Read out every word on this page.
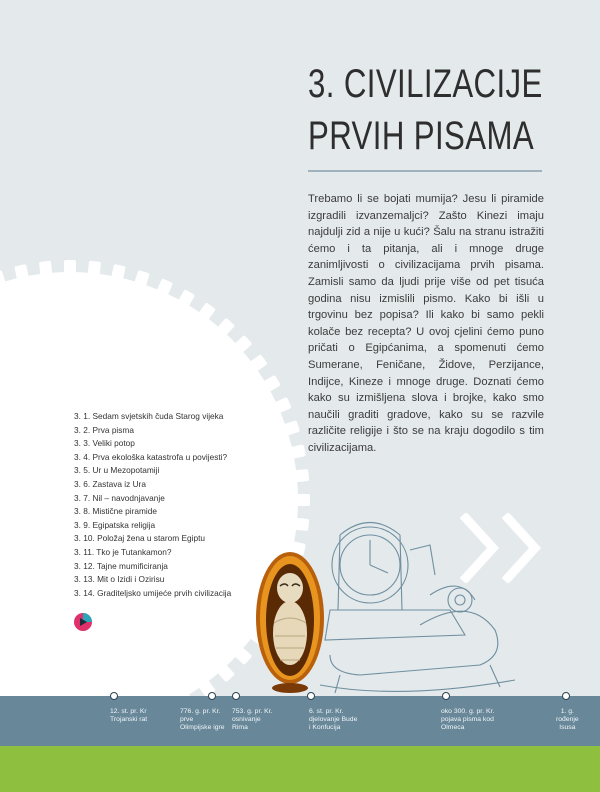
3. CIVILIZACIJE
PRVIH PISAMA
Trebamo li se bojati mumija? Jesu li piramide izgradili izvanzemaljci? Zašto Kinezi imaju najdulji zid a nije u kući? Šalu na stranu istražiti ćemo i ta pitanja, ali i mnoge druge zanimljivosti o civilizacijama prvih pisama. Zamisli samo da ljudi prije više od pet tisuća godina nisu izmislili pismo. Kako bi išli u trgovinu bez popisa? Ili kako bi samo pekli kolače bez recepta? U ovoj cjelini ćemo puno pričati o Egipćanima, a spomenuti ćemo Sumerane, Feničane, Židove, Perzijance, Indijce, Kineze i mnoge druge. Doznati ćemo kako su izmišljena slova i brojke, kako smo naučili graditi gradove, kako su se razvile različite religije i što se na kraju dogodilo s tim civilizacijama.
3. 1. Sedam svjetskih čuda Starog vijeka
3. 2. Prva pisma
3. 3. Veliki potop
3. 4. Prva ekološka katastrofa u povijesti?
3. 5. Ur u Mezopotamiji
3. 6. Zastava iz Ura
3. 7. Nil – navodnjavanje
3. 8. Mistične piramide
3. 9. Egipatska religija
3. 10. Položaj žena u starom Egiptu
3. 11. Tko je Tutankamon?
3. 12. Tajne mumificiranja
3. 13. Mit o Izidi i Ozirisu
3. 14. Graditeljsko umijeće prvih civilizacija
12. st. pr. Kr
Trojanski rat
776. g. pr. Kr.
prve
Olimpijske igre
753. g. pr. Kr.
osnivanje
Rima
6. st. pr. Kr.
djelovanje Bude
i Konfucija
oko 300. g. pr. Kr.
pojava pisma kod
Olmeca
1. g.
rođenje
Isusa
